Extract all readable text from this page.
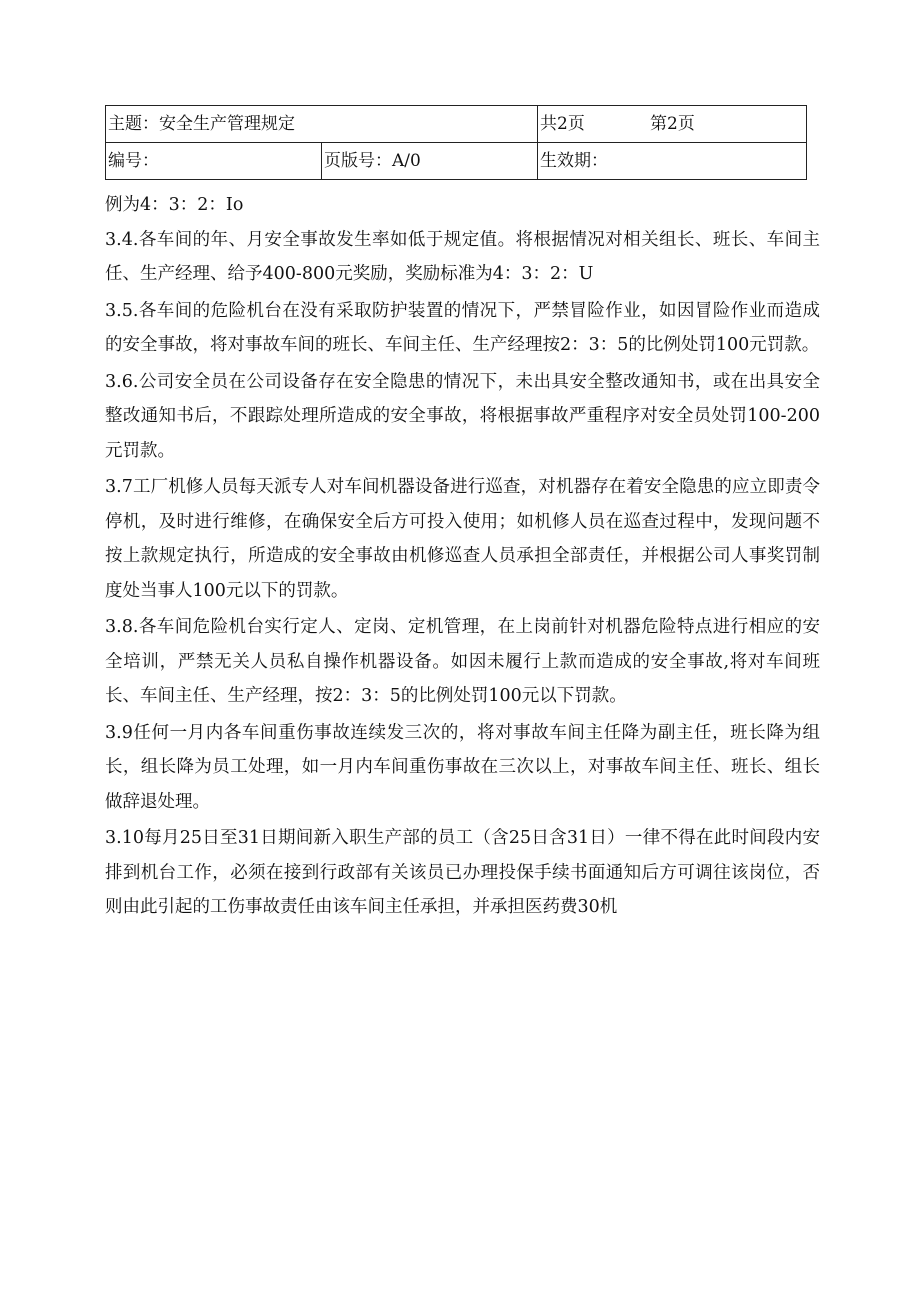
主题：安全生产管理规定		共2页 第2页
编号：	页版号：A/0	生效期：

例为4：3：2：Io

3.4.各车间的年、月安全事故发生率如低于规定值。将根据情况对相关组长、班长、车间主任、生产经理、给予400-800元奖励，奖励标准为4：3：2：U

3.5.各车间的危险机台在没有采取防护装置的情况下，严禁冒险作业，如因冒险作业而造成的安全事故，将对事故车间的班长、车间主任、生产经理按2：3：5的比例处罚100元罚款。

3.6.公司安全员在公司设备存在安全隐患的情况下，未出具安全整改通知书，或在出具安全整改通知书后，不跟踪处理所造成的安全事故，将根据事故严重程序对安全员处罚100-200元罚款。

3.7工厂机修人员每天派专人对车间机器设备进行巡查，对机器存在着安全隐患的应立即责令停机，及时进行维修，在确保安全后方可投入使用；如机修人员在巡查过程中，发现问题不按上款规定执行，所造成的安全事故由机修巡查人员承担全部责任，并根据公司人事奖罚制度处当事人100元以下的罚款。

3.8.各车间危险机台实行定人、定岗、定机管理，在上岗前针对机器危险特点进行相应的安全培训，严禁无关人员私自操作机器设备。如因未履行上款而造成的安全事故,将对车间班长、车间主任、生产经理，按2：3：5的比例处罚100元以下罚款。

3.9任何一月内各车间重伤事故连续发三次的，将对事故车间主任降为副主任，班长降为组长，组长降为员工处理，如一月内车间重伤事故在三次以上，对事故车间主任、班长、组长做辞退处理。

3.10每月25日至31日期间新入职生产部的员工（含25日含31日）一律不得在此时间段内安排到机台工作，必须在接到行政部有关该员已办理投保手续书面通知后方可调往该岗位，否则由此引起的工伤事故责任由该车间主任承担，并承担医药费30机
